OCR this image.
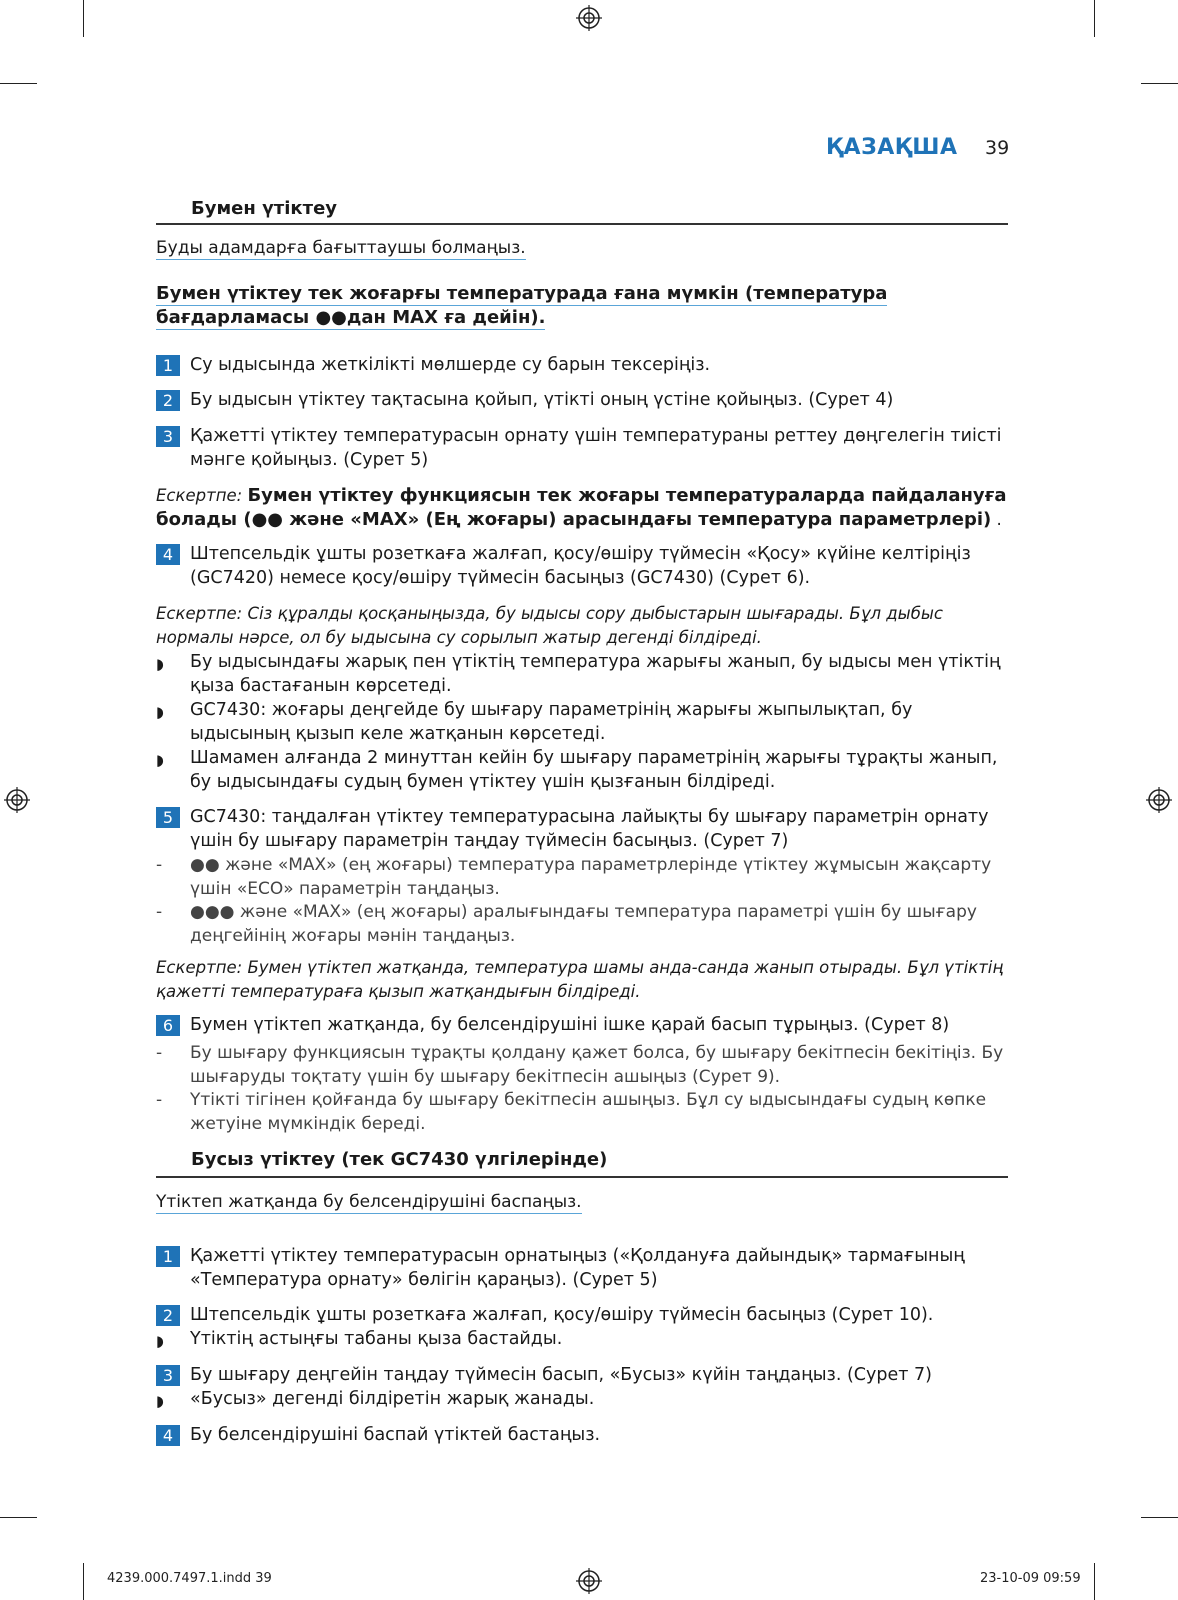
ҚАЗАҚША 39
Бумен үтіктеу
Буды адамдарға бағыттаушы болмаңыз.
Бумен үтіктеу тек жоғарғы температурада ғана мүмкін (температура бағдарламасы ●●дан MAX ға дейін).
1 Су ыдысында жеткілікті мөлшерде су барын тексеріңіз.
2 Бу ыдысын үтіктеу тақтасына қойып, үтікті оның үстіне қойыңыз. (Сурет 4)
3 Қажетті үтіктеу температурасын орнату үшін температураны реттеу дөңгелегін тиісті мәнге қойыңыз. (Сурет 5)
Ескертпе: Бумен үтіктеу функциясын тек жоғары температураларда пайдалануға болады (●● және «MAX» (Ең жоғары) арасындағы температура параметрлері) .
4 Штепсельдік ұшты розеткаға жалғап, қосу/өшіру түймесін «Қосу» күйіне келтіріңіз (GC7420) немесе қосу/өшіру түймесін басыңыз (GC7430) (Сурет 6).
Ескертпе: Сіз құралды қосқаныңызда, бу ыдысы сору дыбыстарын шығарады. Бұл дыбыс нормалы нәрсе, ол бу ыдысына су сорылып жатыр дегенді білдіреді.
◗ Бу ыдысындағы жарық пен үтіктің температура жарығы жанып, бу ыдысы мен үтіктің қыза бастағанын көрсетеді.
◗ GC7430: жоғары деңгейде бу шығару параметрінің жарығы жыпылықтап, бу ыдысының қызып келе жатқанын көрсетеді.
◗ Шамамен алғанда 2 минуттан кейін бу шығару параметрінің жарығы тұрақты жанып, бу ыдысындағы судың бумен үтіктеу үшін қызғанын білдіреді.
5 GC7430: таңдалған үтіктеу температурасына лайықты бу шығару параметрін орнату үшін бу шығару параметрін таңдау түймесін басыңыз. (Сурет 7)
- ●● және «MAX» (ең жоғары) температура параметрлерінде үтіктеу жұмысын жақсарту үшін «ECO» параметрін таңдаңыз.
- ●●● және «MAX» (ең жоғары) аралығындағы температура параметрі үшін бу шығару деңгейінің жоғары мәнін таңдаңыз.
Ескертпе: Бумен үтіктеп жатқанда, температура шамы анда-санда жанып отырады. Бұл үтіктің қажетті температураға қызып жатқандығын білдіреді.
6 Бумен үтіктеп жатқанда, бу белсендірушіні ішке қарай басып тұрыңыз. (Сурет 8)
- Бу шығару функциясын тұрақты қолдану қажет болса, бу шығару бекітпесін бекітіңіз. Бу шығаруды тоқтату үшін бу шығару бекітпесін ашыңыз (Сурет 9).
- Үтікті тігінен қойғанда бу шығару бекітпесін ашыңыз. Бұл су ыдысындағы судың көпке жетуіне мүмкіндік береді.
Бусыз үтіктеу (тек GC7430 үлгілерінде)
Үтіктеп жатқанда бу белсендірушіні баспаңыз.
1 Қажетті үтіктеу температурасын орнатыңыз («Қолдануға дайындық» тармағының «Температура орнату» бөлігін қараңыз). (Сурет 5)
2 Штепсельдік ұшты розеткаға жалғап, қосу/өшіру түймесін басыңыз (Сурет 10).
◗ Үтіктің астыңғы табаны қыза бастайды.
3 Бу шығару деңгейін таңдау түймесін басып, «Бусыз» күйін таңдаңыз. (Сурет 7)
◗ «Бусыз» дегенді білдіретін жарық жанады.
4 Бу белсендірушіні баспай үтіктей бастаңыз.
4239.000.7497.1.indd 39	23-10-09 09:59
